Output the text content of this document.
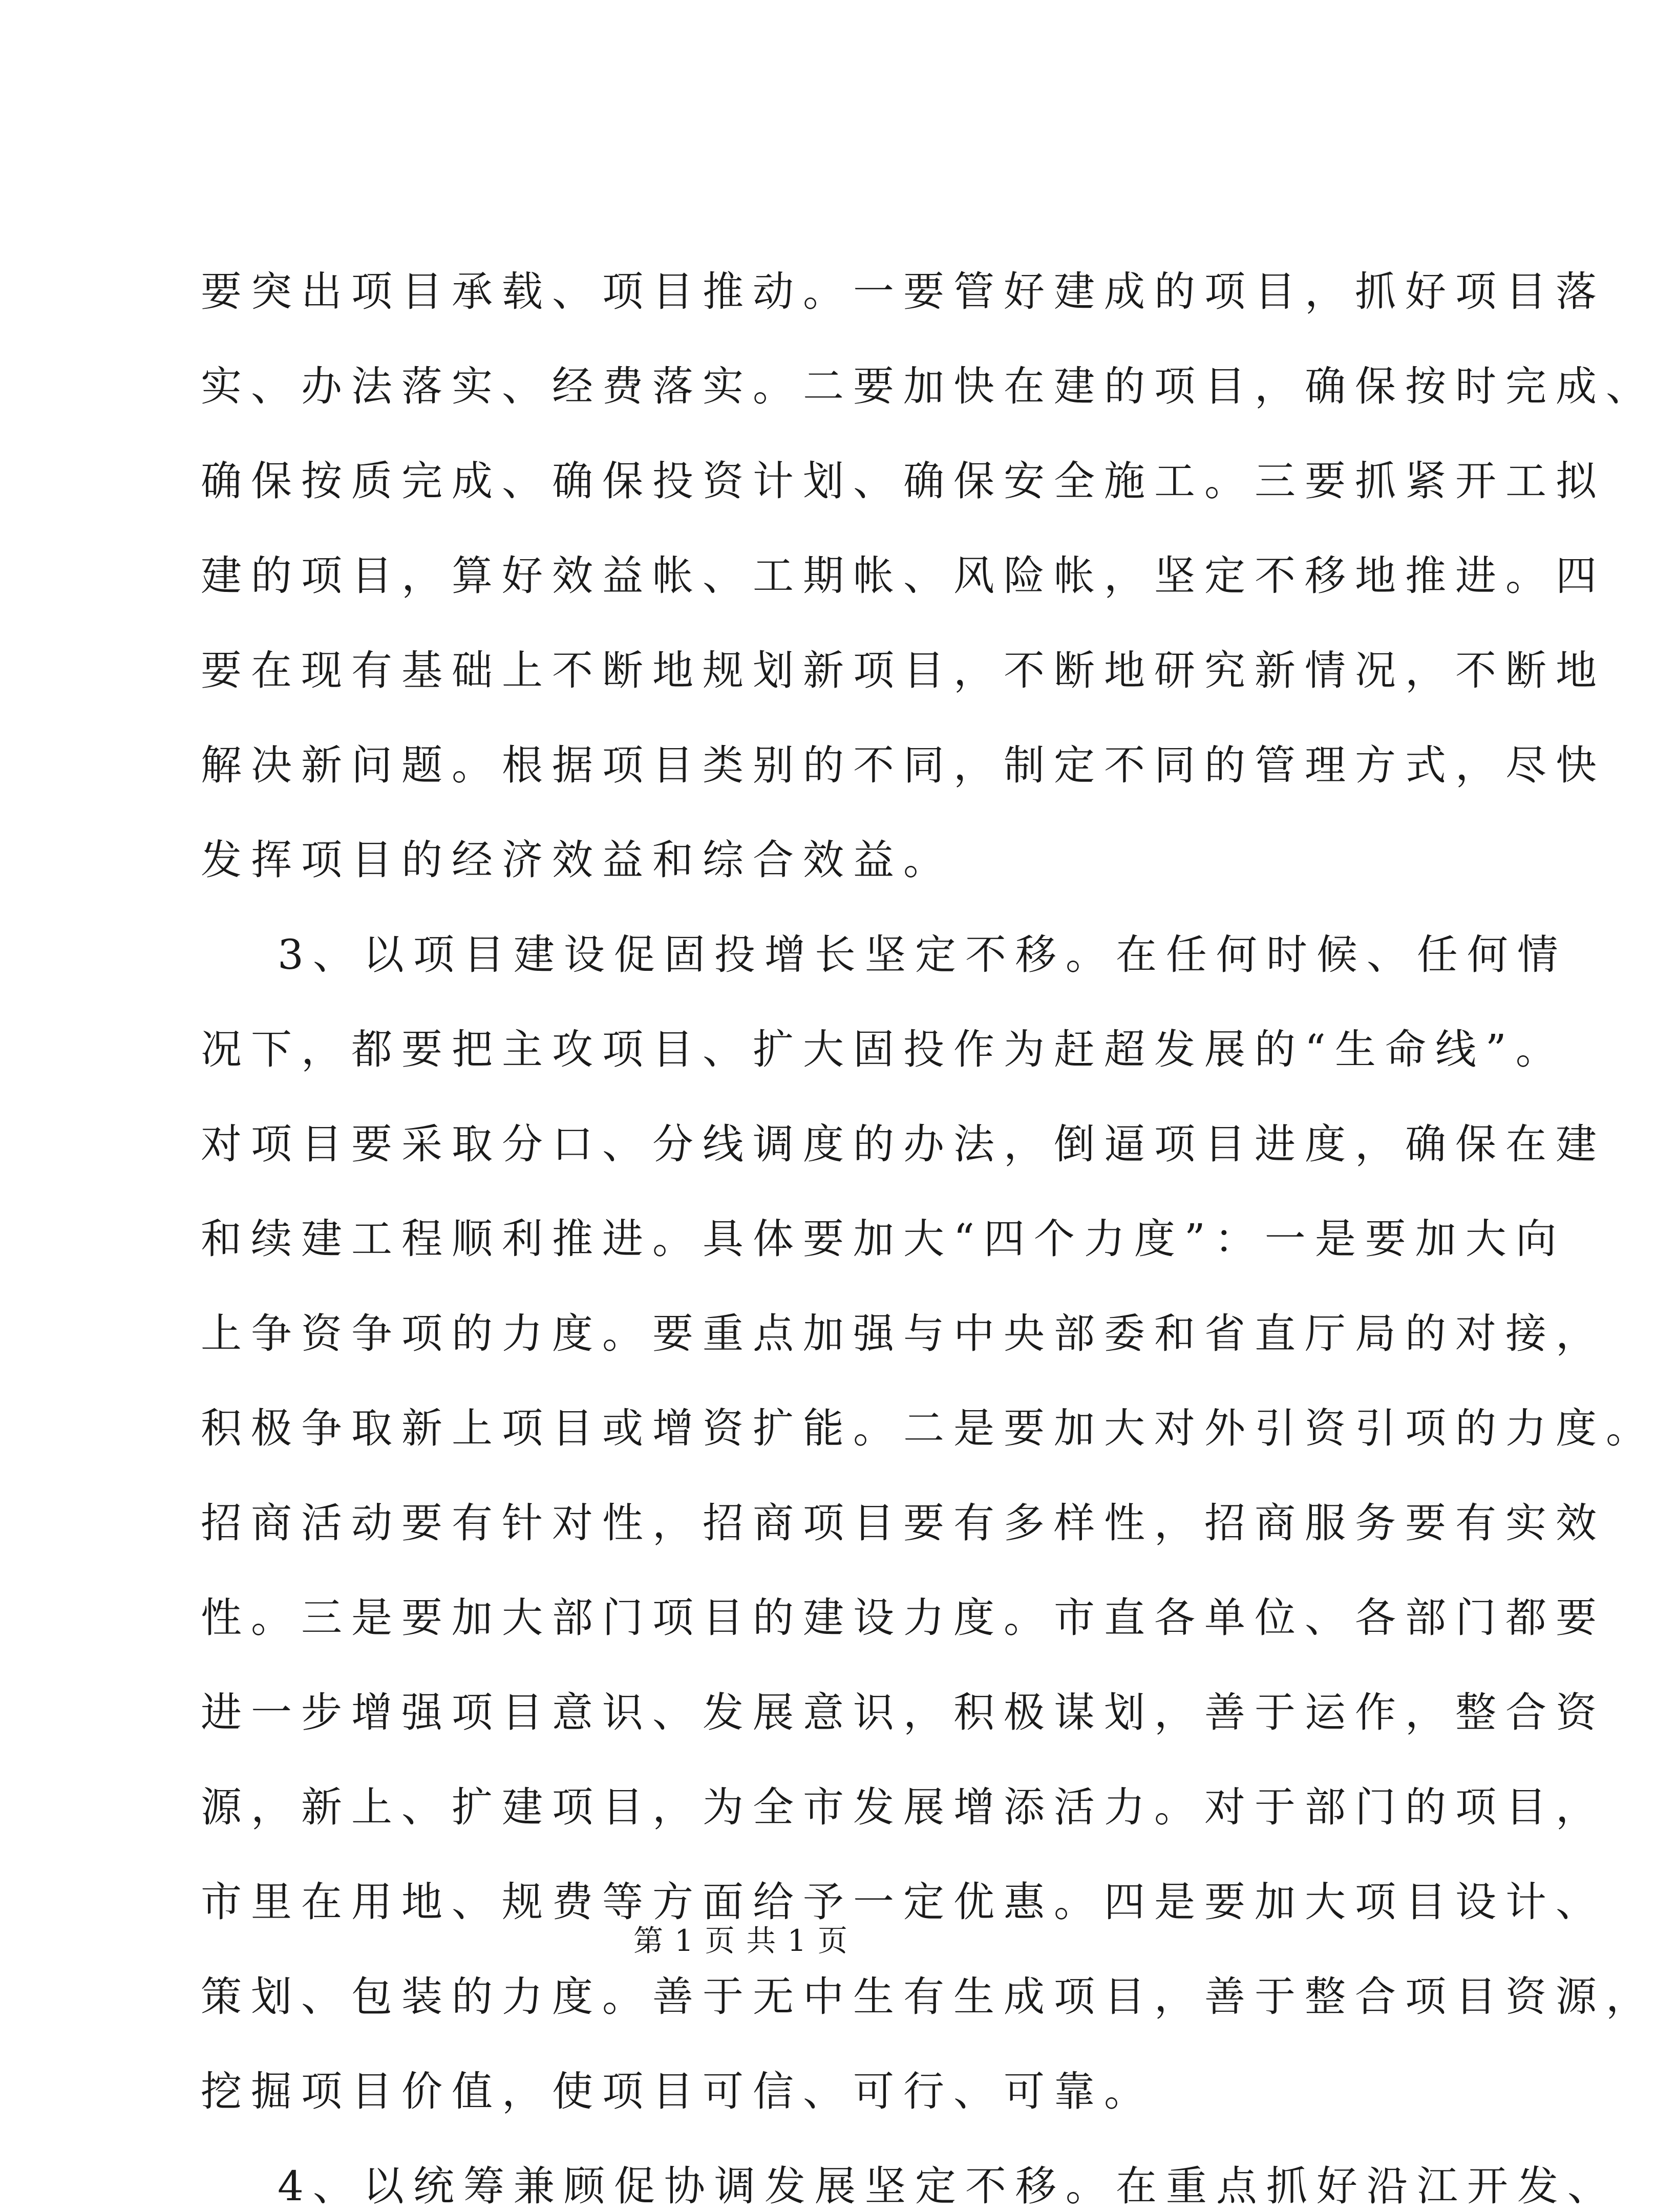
要突出项目承载、项目推动。一要管好建成的项目，抓好项目落
实、办法落实、经费落实。二要加快在建的项目，确保按时完成、
确保按质完成、确保投资计划、确保安全施工。三要抓紧开工拟
建的项目，算好效益帐、工期帐、风险帐，坚定不移地推进。四
要在现有基础上不断地规划新项目，不断地研究新情况，不断地
解决新问题。根据项目类别的不同，制定不同的管理方式，尽快
发挥项目的经济效益和综合效益。
3、以项目建设促固投增长坚定不移。在任何时候、任何情
况下，都要把主攻项目、扩大固投作为赶超发展的“生命线”。
对项目要采取分口、分线调度的办法，倒逼项目进度，确保在建
和续建工程顺利推进。具体要加大“四个力度”：一是要加大向
上争资争项的力度。要重点加强与中央部委和省直厅局的对接，
积极争取新上项目或增资扩能。二是要加大对外引资引项的力度。
招商活动要有针对性，招商项目要有多样性，招商服务要有实效
性。三是要加大部门项目的建设力度。市直各单位、各部门都要
进一步增强项目意识、发展意识，积极谋划，善于运作，整合资
源，新上、扩建项目，为全市发展增添活力。对于部门的项目，
市里在用地、规费等方面给予一定优惠。四是要加大项目设计、
策划、包装的力度。善于无中生有生成项目，善于整合项目资源，
挖掘项目价值，使项目可信、可行、可靠。
4、以统筹兼顾促协调发展坚定不移。在重点抓好沿江开发、
第 1 页 共 1 页
